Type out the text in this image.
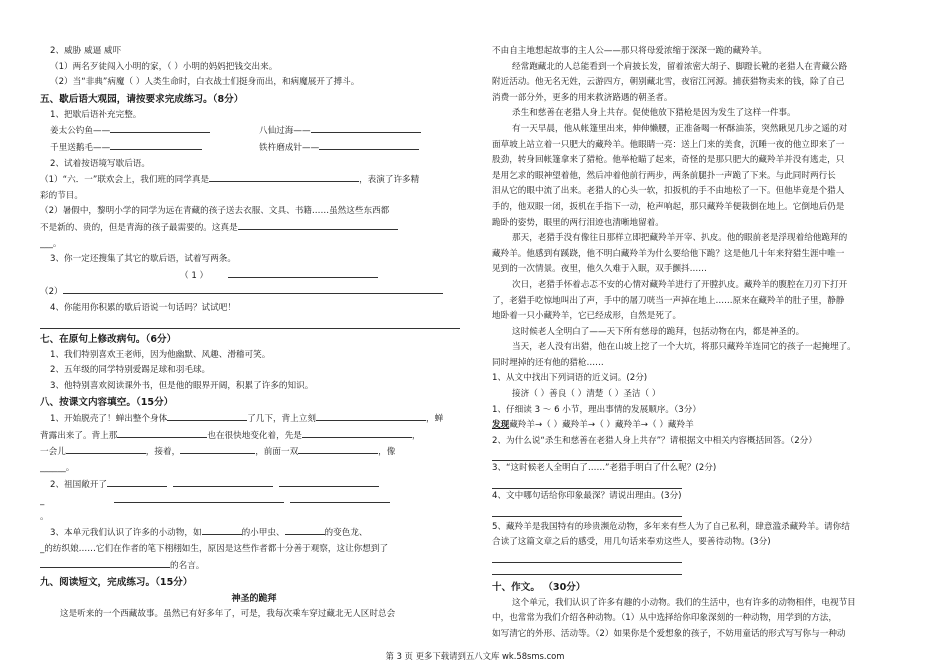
2、威胁 威逼 威吓
（1）两名歹徒闯入小明的家，（ ）小明的妈妈把钱交出来。
（2）当“非典”病魔（ ）人类生命时，白衣战士们挺身而出，和病魔展开了搏斗。
五、歇后语大观园，请按要求完成练习。（8分）
1、把歇后语补充完整。
姜太公钓鱼——	八仙过海——
千里送鹅毛——	铁杵磨成针——
2、试着按语境写歇后语。
（1）“六．一”联欢会上，我们班的同学真是	，表演了许多精
彩的节目。
（2）暑假中，黎明小学的同学为远在青藏的孩子送去衣服、文具、书籍……虽然这些东西都
不是新的、贵的，但是青海的孩子最需要的。这真是
___。
3、你一定还搜集了其它的歇后语，试着写两条。
（ 1 ）
（2）
4、你能用你积累的歇后语说一句话吗？试试吧！
七、在原句上修改病句。（6分）
1、我们特别喜欢王老师，因为他幽默、风趣、滑稽可笑。
2、五年级的同学特别爱踢足球和羽毛球。
3、他特别喜欢阅读课外书，但是他的眼界开阔，积累了许多的知识。
八、按课文内容填空。（15分）
1、开始脱壳了！蝉出整个身体	了几下，背上立刻	，蝉
背露出来了。背上那	也在很快地变化着，先是	，
一会儿	，接着，	，前面一双	，像
______。
2、祖国敞开了
_
。
3、本单元我们认识了许多的小动物，如	的小甲虫、	的变色龙、
_的纺织娘……它们在作者的笔下栩栩如生，原因是这些作者都十分善于观察，这让你想到了
的名言。
九、阅读短文，完成练习。（15分）
神圣的跪拜
这是听来的一个西藏故事。虽然已有好多年了，可是，我每次乘车穿过藏北无人区时总会
不由自主地想起故事的主人公——那只将母爱浓缩于深深一跪的藏羚羊。
经常跑藏北的人总能看到一个肩披长发，留着浓密大胡子、脚蹬长靴的老猎人在青藏公路
附近活动。他无名无姓，云游四方，朝别藏北雪，夜宿江河源。捕获猎物卖来的钱，除了自己
消费一部分外，更多的用来救济路遇的朝圣者。
杀生和慈善在老猎人身上共存。促使他放下猎枪是因为发生了这样一件事。
有一天早晨，他从帐篷里出来，伸伸懒腰，正准备喝一杯酥油茶，突然瞅见几步之遥的对
面草坡上站立着一只肥大的藏羚羊。他眼睛一亮：送上门来的美食，沉睡一夜的他立即来了一
股劲，转身回帐篷拿来了猎枪。他举枪瞄了起来，奇怪的是那只肥大的藏羚羊并没有逃走，只
是用乞求的眼神望着他，然后冲着他前行两步，两条前腿扑一声跪了下来。与此同时两行长
泪从它的眼中流了出来。老猎人的心头一软，扣扳机的手不由地松了一下。但他毕竟是个猎人
手的，他双眼一闭，扳机在手指下一动，枪声响起，那只藏羚羊便栽倒在地上。它倒地后仍是
跪卧的姿势，眼里的两行泪迹也清晰地留着。
那天，老猎手没有像往日那样立即把藏羚羊开宰、扒皮。他的眼前老是浮现着给他跪拜的
藏羚羊。他感到有蹊跷，他不明白藏羚羊为什么要给他下跪？这是他几十年来狩猎生涯中唯一
见到的一次情景。夜里，他久久难于入眠，双手颤抖……
次日，老猎手怀着忐忑不安的心情对藏羚羊进行了开膛扒皮。藏羚羊的腹腔在刀刃下打开
了，老猎手吃惊地叫出了声，手中的屠刀咣当一声掉在地上……原来在藏羚羊的肚子里，静静
地卧着一只小藏羚羊，它已经成形，自然是死了。
这时候老人全明白了——天下所有慈母的跪拜，包括动物在内，都是神圣的。
当天，老人没有出猎，他在山坡上挖了一个大坑，将那只藏羚羊连同它的孩子一起掩埋了。
同时埋掉的还有他的猎枪……
1、从文中找出下列词语的近义词。(2分)
接济（ ）善良（ ）清楚（ ）圣洁（ ）
1、仔细读 3 ～ 6 小节，理出事情的发展顺序。（3分）
发现藏羚羊→（ ）藏羚羊→（ ）藏羚羊→（ ）藏羚羊
2、为什么说“杀生和慈善在老猎人身上共存”？请根据文中相关内容概括回答。（2分）
3、“这时候老人全明白了……”老猎手明白了什么呢？(2分)
4、文中哪句话给你印象最深？请说出理由。(3分)
5、藏羚羊是我国特有的珍贵濒危动物，多年来有些人为了自己私利，肆意滥杀藏羚羊。请你结
合读了这篇文章之后的感受，用几句话来奉劝这些人，要善待动物。(3分)
十、作文。 （30分）
这个单元，我们认识了许多有趣的小动物。我们的生活中，也有许多的动物相伴，电视节目
中，也常常为我们介绍各种动物。（1）从中选择给你印象深刻的一种动物，用学到的方法，
如写清它的外形、活动等。（2）如果你是个爱想象的孩子，不妨用童话的形式写写你与一种动
第 3 页 更多下载请到五八文库 wk.58sms.com
